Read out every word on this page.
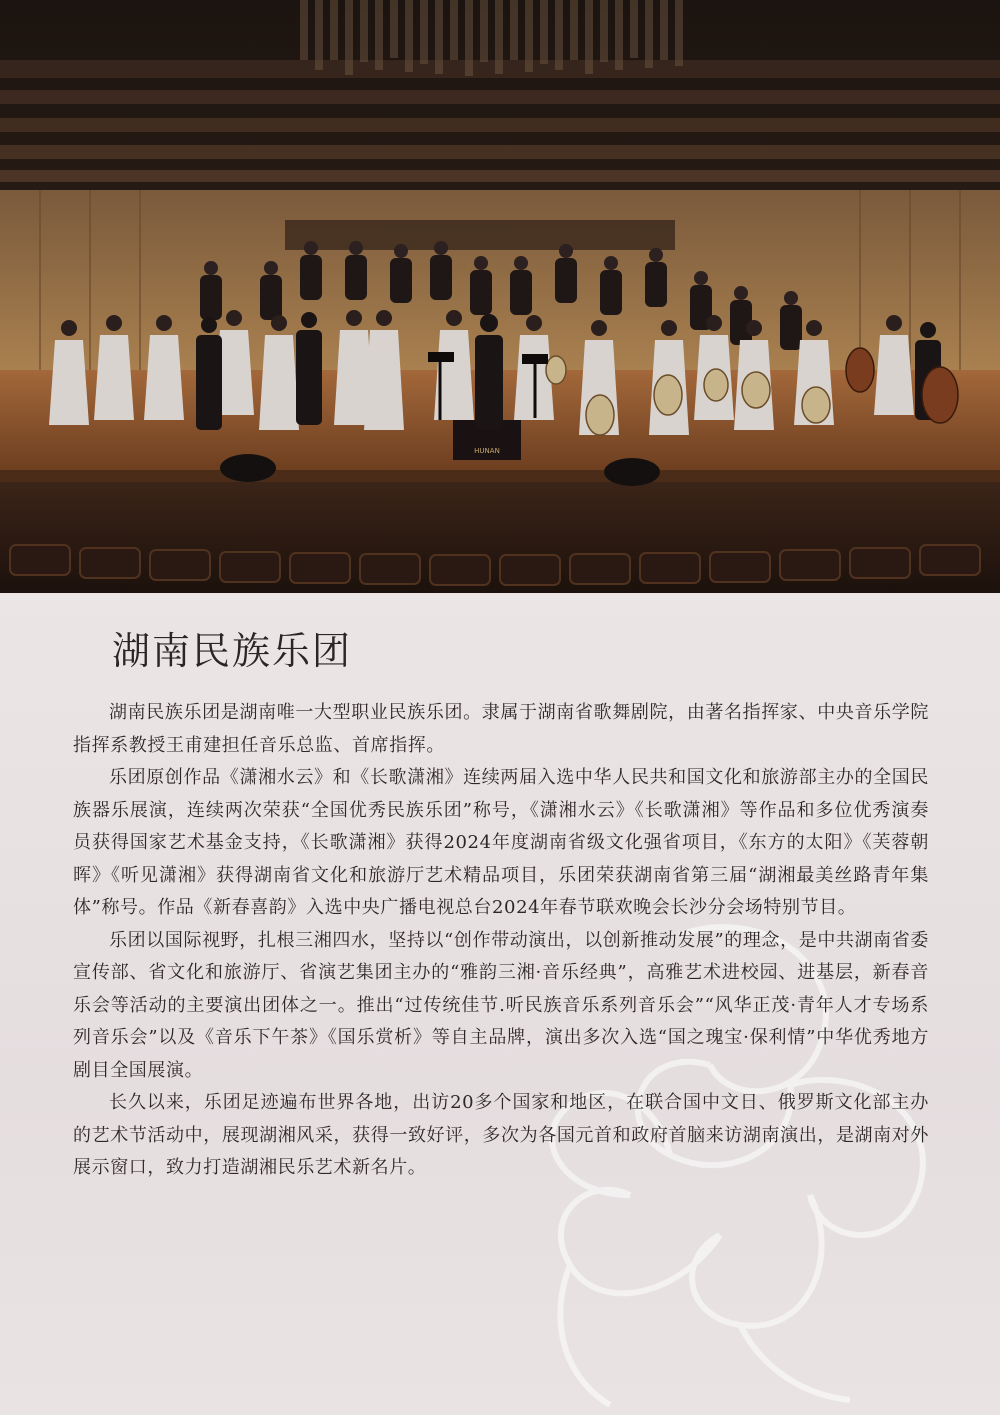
HUNAN
湖南民族乐团

湖南民族乐团是湖南唯一大型职业民族乐团。隶属于湖南省歌舞剧院，由著名指挥家、中央音乐学院指挥系教授王甫建担任音乐总监、首席指挥。

乐团原创作品《潇湘水云》和《长歌潇湘》连续两届入选中华人民共和国文化和旅游部主办的全国民族器乐展演，连续两次荣获“全国优秀民族乐团”称号，《潇湘水云》《长歌潇湘》等作品和多位优秀演奏员获得国家艺术基金支持，《长歌潇湘》获得2024年度湖南省级文化强省项目，《东方的太阳》《芙蓉朝晖》《听见潇湘》获得湖南省文化和旅游厅艺术精品项目，乐团荣获湖南省第三届“湖湘最美丝路青年集体”称号。作品《新春喜韵》入选中央广播电视总台2024年春节联欢晚会长沙分会场特别节目。

乐团以国际视野，扎根三湘四水，坚持以“创作带动演出，以创新推动发展”的理念，是中共湖南省委宣传部、省文化和旅游厅、省演艺集团主办的“雅韵三湘·音乐经典”，高雅艺术进校园、进基层，新春音乐会等活动的主要演出团体之一。推出“过传统佳节.听民族音乐系列音乐会”“风华正茂·青年人才专场系列音乐会”以及《音乐下午茶》《国乐赏析》等自主品牌，演出多次入选“国之瑰宝·保利情”中华优秀地方剧目全国展演。

长久以来，乐团足迹遍布世界各地，出访20多个国家和地区，在联合国中文日、俄罗斯文化部主办的艺术节活动中，展现湖湘风采，获得一致好评，多次为各国元首和政府首脑来访湖南演出，是湖南对外展示窗口，致力打造湖湘民乐艺术新名片。
